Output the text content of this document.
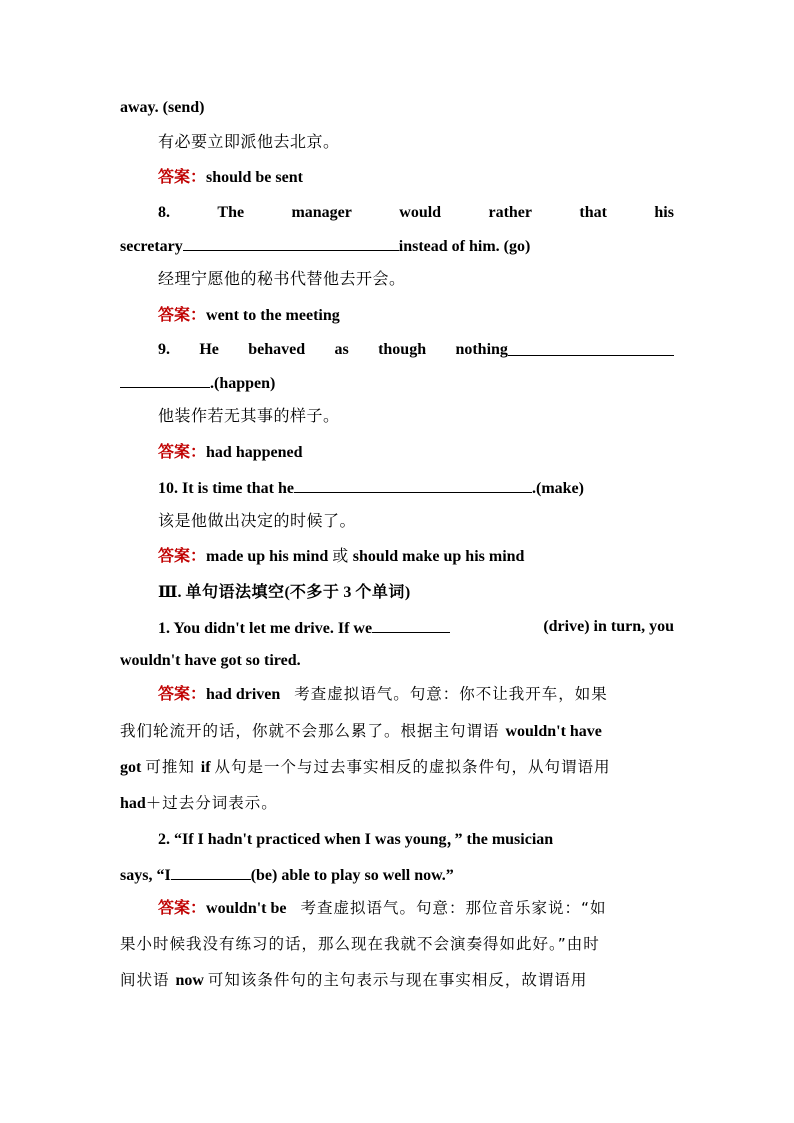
away. (send)
有必要立即派他去北京。
答案：should be sent
8.	The	manager	would	rather	that	his
secretary	instead of him. (go)
经理宁愿他的秘书代替他去开会。
答案：went to the meeting
9. He behaved as though nothing
.(happen)
他装作若无其事的样子。
答案：had happened
10. It is time that he	.(make)
该是他做出决定的时候了。
答案：made up his mind 或 should make up his mind
Ⅲ. 单句语法填空(不多于 3 个单词)
1. You didn't let me drive. If we	(drive) in turn, you
wouldn't have got so tired.
答案：had driven 考查虚拟语气。句意：你不让我开车，如果
我们轮流开的话，你就不会那么累了。根据主句谓语 wouldn't have
got 可推知 if 从句是一个与过去事实相反的虚拟条件句，从句谓语用
had＋过去分词表示。
2. “If I hadn't practiced when I was young，” the musician
says, “I	(be) able to play so well now.”
答案：wouldn't be 考查虚拟语气。句意：那位音乐家说：“如
果小时候我没有练习的话，那么现在我就不会演奏得如此好。”由时
间状语 now 可知该条件句的主句表示与现在事实相反，故谓语用
